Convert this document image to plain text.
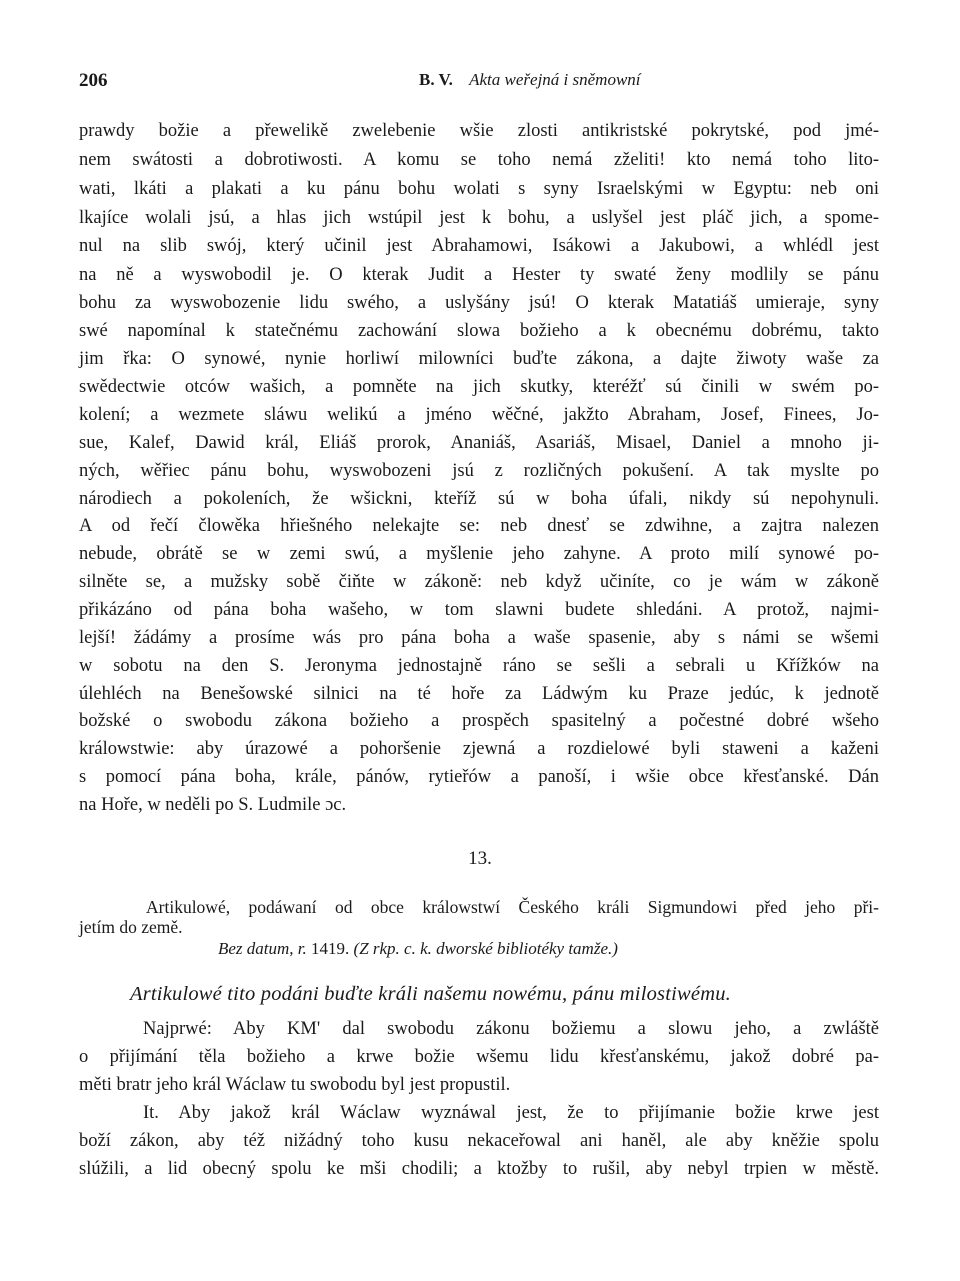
206	B. V. Akta weřejná i sněmowní
prawdy božie a přewelikě zwelebenie wšie zlosti antikristské pokrytské, pod jmé-
nem swátosti a dobrotiwosti. A komu se toho nemá zželiti! kto nemá toho lito-
wati, lkáti a plakati a ku pánu bohu wolati s syny Israelskými w Egyptu: neb oni
lkajíce wolali jsú, a hlas jich wstúpil jest k bohu, a uslyšel jest pláč jich, a spome-
nul na slib swój, který učinil jest Abrahamowi, Isákowi a Jakubowi, a whlédl jest
na ně a wyswobodil je. O kterak Judit a Hester ty swaté ženy modlily se pánu
bohu za wyswobozenie lidu swého, a uslyšány jsú! O kterak Matatiáš umieraje, syny
swé napomínal k statečnému zachowání slowa božieho a k obecnému dobrému, takto
jim řka: O synowé, nynie horliwí milowníci buďte zákona, a dajte žiwoty waše za
swědectwie otców wašich, a pomněte na jich skutky, kteréžť sú činili w swém po-
kolení; a wezmete sláwu welikú a jméno wěčné, jakžto Abraham, Josef, Finees, Jo-
sue, Kalef, Dawid král, Eliáš prorok, Ananiáš, Asariáš, Misael, Daniel a mnoho ji-
ných, wěřiec pánu bohu, wyswobozeni jsú z rozličných pokušení. A tak myslte po
národiech a pokoleních, že wšickni, kteříž sú w boha úfali, nikdy sú nepohynuli.
A od řečí člowěka hřiešného nelekajte se: neb dnesť se zdwihne, a zajtra nalezen
nebude, obrátě se w zemi swú, a myšlenie jeho zahyne. A proto milí synowé po-
silněte se, a mužsky sobě čiňte w zákoně: neb když učiníte, co je wám w zákoně
přikázáno od pána boha wašeho, w tom slawni budete shledáni. A protož, najmi-
lejší! žádámy a prosíme wás pro pána boha a waše spasenie, aby s námi se wšemi
w sobotu na den S. Jeronyma jednostajně ráno se sešli a sebrali u Křížków na
úlehléch na Benešowské silnici na té hoře za Ládwým ku Praze jedúc, k jednotě
božské o swobodu zákona božieho a prospěch spasitelný a počestné dobré wšeho
králowstwie: aby úrazowé a pohoršenie zjewná a rozdielowé byli staweni a kaženi
s pomocí pána boha, krále, pánów, rytieřów a panoší, i wšie obce křesťanské. Dán
na Hoře, w neděli po S. Ludmile ɔc.
13.
Artikulowé, podáwaní od obce králowstwí Českého králi Sigmundowi před jeho při-
jetím do země.
Bez datum, r. 1419. (Z rkp. c. k. dworské bibliotéky tamže.)
Artikulowé tito podáni buďte králi našemu nowému, pánu milostiwému.
Najprwé: Aby KM' dal swobodu zákonu božiemu a slowu jeho, a zwláště
o přijímání těla božieho a krwe božie wšemu lidu křesťanskému, jakož dobré pa-
měti bratr jeho král Wáclaw tu swobodu byl jest propustil.
It. Aby jakož král Wáclaw wyznáwal jest, že to přijímanie božie krwe jest
boží zákon, aby též nižádný toho kusu nekaceřowal ani haněl, ale aby kněžie spolu
slúžili, a lid obecný spolu ke mši chodili; a ktožby to rušil, aby nebyl trpien w městě.
